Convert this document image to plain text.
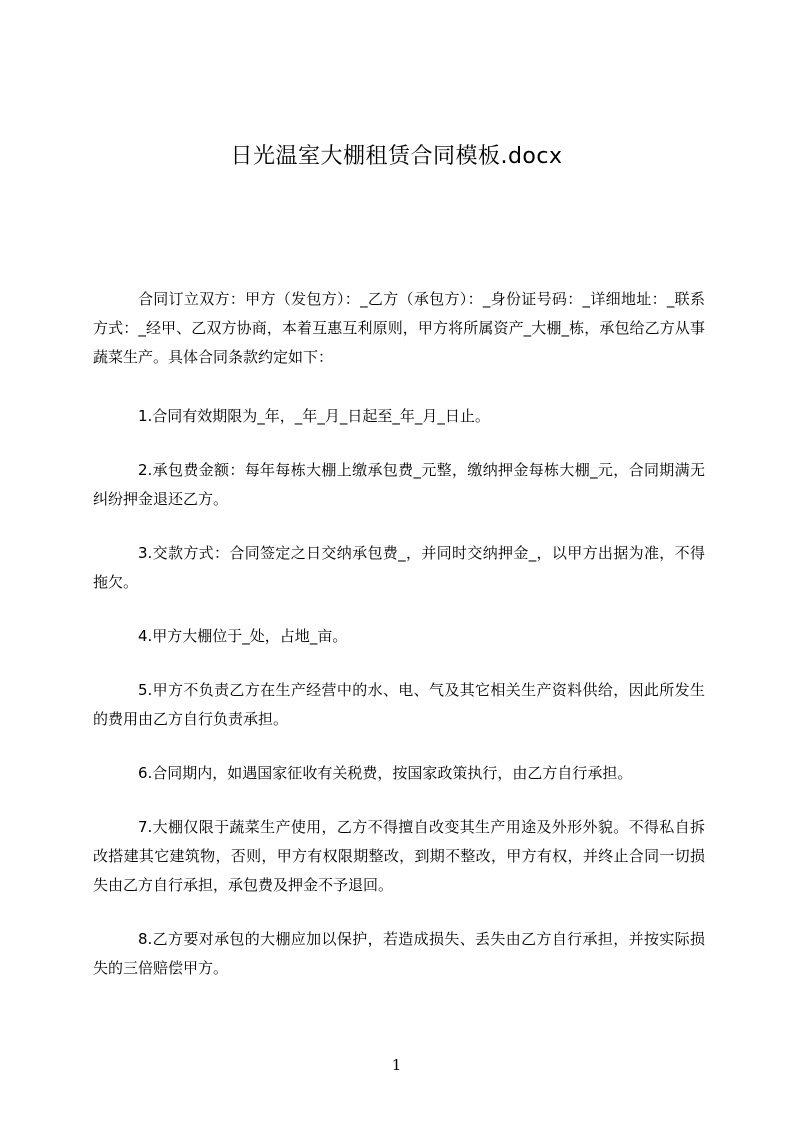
日光温室大棚租赁合同模板.docx

合同订立双方：甲方（发包方）：_乙方（承包方）：_身份证号码：_详细地址：_联系方式：_经甲、乙双方协商，本着互惠互利原则，甲方将所属资产_大棚_栋，承包给乙方从事蔬菜生产。具体合同条款约定如下：

1.合同有效期限为_年，_年_月_日起至_年_月_日止。

2.承包费金额：每年每栋大棚上缴承包费_元整，缴纳押金每栋大棚_元，合同期满无纠纷押金退还乙方。

3.交款方式：合同签定之日交纳承包费_，并同时交纳押金_，以甲方出据为准，不得拖欠。

4.甲方大棚位于_处，占地_亩。

5.甲方不负责乙方在生产经营中的水、电、气及其它相关生产资料供给，因此所发生的费用由乙方自行负责承担。

6.合同期内，如遇国家征收有关税费，按国家政策执行，由乙方自行承担。

7.大棚仅限于蔬菜生产使用，乙方不得擅自改变其生产用途及外形外貌。不得私自拆改搭建其它建筑物，否则，甲方有权限期整改，到期不整改，甲方有权，并终止合同一切损失由乙方自行承担，承包费及押金不予退回。

8.乙方要对承包的大棚应加以保护，若造成损失、丢失由乙方自行承担，并按实际损失的三倍赔偿甲方。

1
